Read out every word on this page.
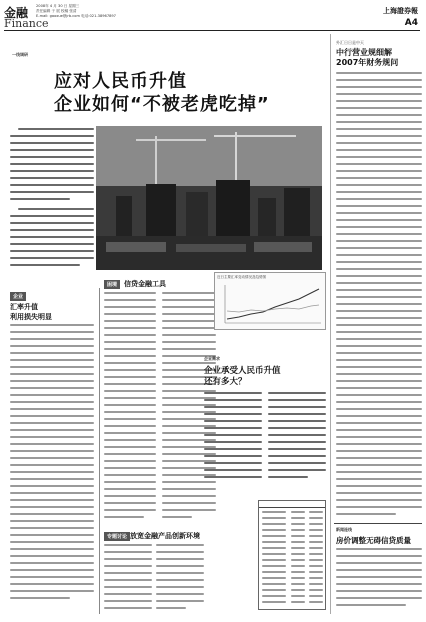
金融
Finance
2008年 4 月 30 日 星期三
责任编辑 于 展 校稿 张清
E-mail: gaoxue@jrb.com 电话:021-38967897
上海證券報
A4
一线调研
应对人民币升值
企业如何“不被老虎吃掉”
企业
汇率升值
利用损失明显
困境 信贷金融工具
近日主要汇率变动情况及趋势图
企业需求
企业承受人民币升值
还有多大？
专题讨论 放宽金融产品创新环境
外汇日日是中天
中行营业规细解
2007年财务规问
新闻连线
房价调整无碍信贷质量
